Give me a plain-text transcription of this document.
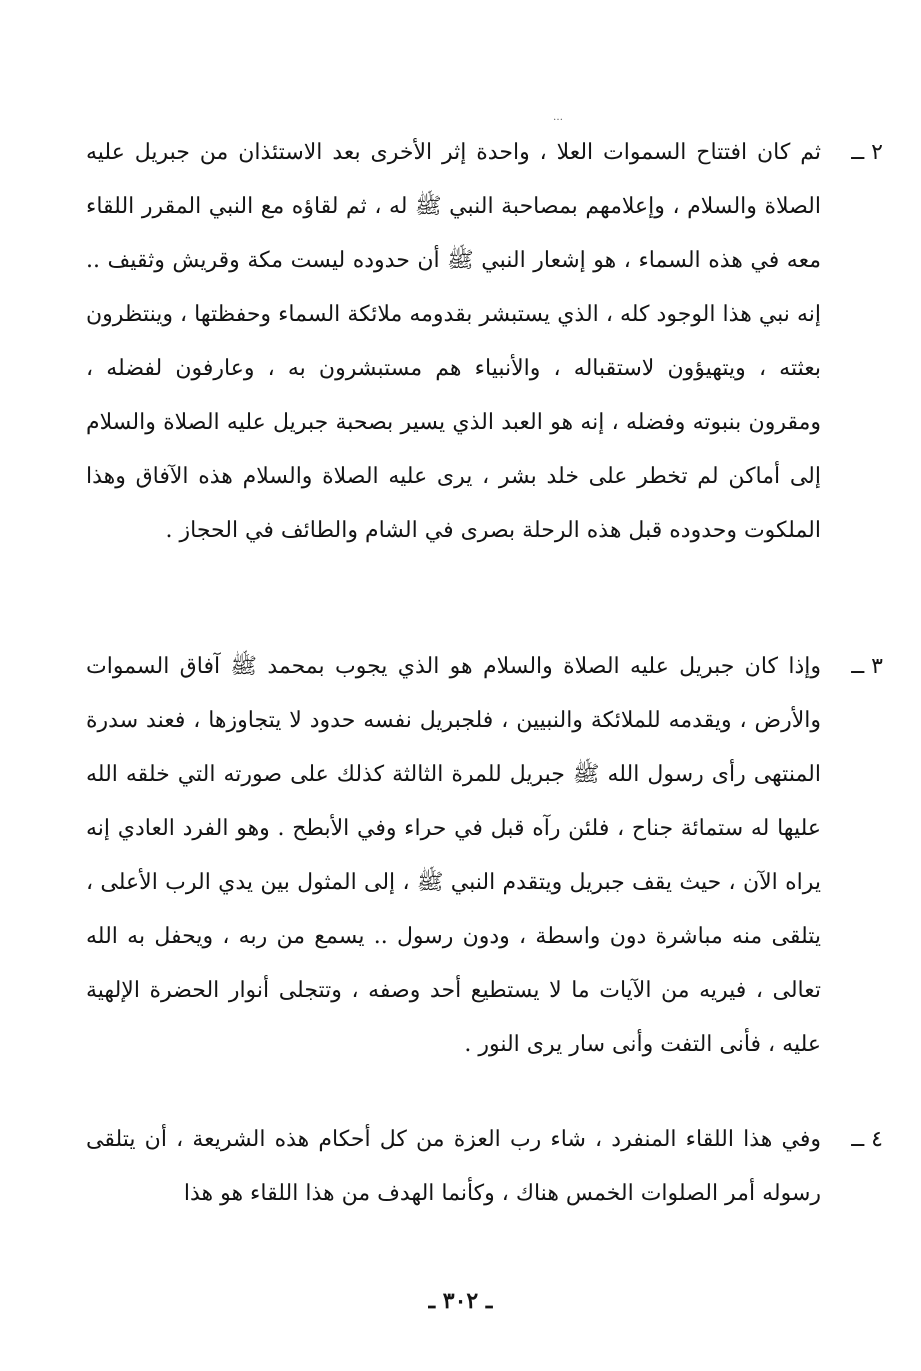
…
٢ ــ

ثم كان افتتاح السموات العلا ، واحدة إثر الأخرى بعد الاستئذان من جبريل عليه الصلاة والسلام ، وإعلامهم بمصاحبة النبي ﷺ له ، ثم لقاؤه مع النبي المقرر اللقاء معه في هذه السماء ، هو إشعار النبي ﷺ أن حدوده ليست مكة وقريش وثقيف .. إنه نبي هذا الوجود كله ، الذي يستبشر بقدومه ملائكة السماء وحفظتها ، وينتظرون بعثته ، ويتهيؤون لاستقباله ، والأنبياء هم مستبشرون به ، وعارفون لفضله ، ومقرون بنبوته وفضله ، إنه هو العبد الذي يسير بصحبة جبريل عليه الصلاة والسلام إلى أماكن لم تخطر على خلد بشر ، يرى عليه الصلاة والسلام هذه الآفاق وهذا الملكوت وحدوده قبل هذه الرحلة بصرى في الشام والطائف في الحجاز .

٣ ــ

وإذا كان جبريل عليه الصلاة والسلام هو الذي يجوب بمحمد ﷺ آفاق السموات والأرض ، ويقدمه للملائكة والنبيين ، فلجبريل نفسه حدود لا يتجاوزها ، فعند سدرة المنتهى رأى رسول الله ﷺ جبريل للمرة الثالثة كذلك على صورته التي خلقه الله عليها له ستمائة جناح ، فلئن رآه قبل في حراء وفي الأبطح . وهو الفرد العادي إنه يراه الآن ، حيث يقف جبريل ويتقدم النبي ﷺ ، إلى المثول بين يدي الرب الأعلى ، يتلقى منه مباشرة دون واسطة ، ودون رسول .. يسمع من ربه ، ويحفل به الله تعالى ، فيريه من الآيات ما لا يستطيع أحد وصفه ، وتتجلى أنوار الحضرة الإلهية عليه ، فأنى التفت وأنى سار يرى النور .

٤ ــ

وفي هذا اللقاء المنفرد ، شاء رب العزة من كل أحكام هذه الشريعة ، أن يتلقى رسوله أمر الصلوات الخمس هناك ، وكأنما الهدف من هذا اللقاء هو هذا

ـ ٣٠٢ ـ
